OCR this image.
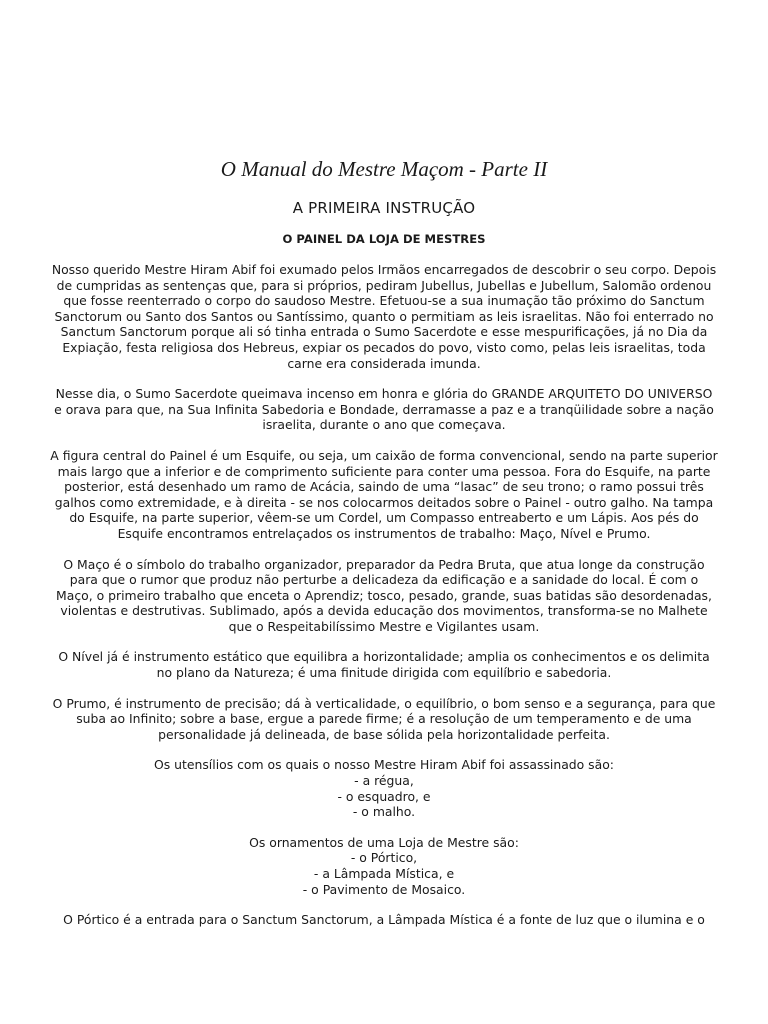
O Manual do Mestre Maçom - Parte II
A PRIMEIRA INSTRUÇÃO
O PAINEL DA LOJA DE MESTRES

Nosso querido Mestre Hiram Abif foi exumado pelos Irmãos encarregados de descobrir o seu corpo. Depois de cumpridas as sentenças que, para si próprios, pediram Jubellus, Jubellas e Jubellum, Salomão ordenou que fosse reenterrado o corpo do saudoso Mestre. Efetuou-se a sua inumação tão próximo do Sanctum Sanctorum ou Santo dos Santos ou Santíssimo, quanto o permitiam as leis israelitas. Não foi enterrado no Sanctum Sanctorum porque ali só tinha entrada o Sumo Sacerdote e esse mespurificações, já no Dia da Expiação, festa religiosa dos Hebreus, expiar os pecados do povo, visto como, pelas leis israelitas, toda carne era considerada imunda.

Nesse dia, o Sumo Sacerdote queimava incenso em honra e glória do GRANDE ARQUITETO DO UNIVERSO e orava para que, na Sua Infinita Sabedoria e Bondade, derramasse a paz e a tranqüilidade sobre a nação israelita, durante o ano que começava.

A figura central do Painel é um Esquife, ou seja, um caixão de forma convencional, sendo na parte superior mais largo que a inferior e de comprimento suficiente para conter uma pessoa. Fora do Esquife, na parte posterior, está desenhado um ramo de Acácia, saindo de uma “lasac” de seu trono; o ramo possui três galhos como extremidade, e à direita - se nos colocarmos deitados sobre o Painel - outro galho. Na tampa do Esquife, na parte superior, vêem-se um Cordel, um Compasso entreaberto e um Lápis. Aos pés do Esquife encontramos entrelaçados os instrumentos de trabalho: Maço, Nível e Prumo.

O Maço é o símbolo do trabalho organizador, preparador da Pedra Bruta, que atua longe da construção para que o rumor que produz não perturbe a delicadeza da edificação e a sanidade do local. É com o Maço, o primeiro trabalho que enceta o Aprendiz; tosco, pesado, grande, suas batidas são desordenadas, violentas e destrutivas. Sublimado, após a devida educação dos movimentos, transforma-se no Malhete que o Respeitabilíssimo Mestre e Vigilantes usam.

O Nível já é instrumento estático que equilibra a horizontalidade; amplia os conhecimentos e os delimita no plano da Natureza; é uma finitude dirigida com equilíbrio e sabedoria.

O Prumo, é instrumento de precisão; dá à verticalidade, o equilíbrio, o bom senso e a segurança, para que suba ao Infinito; sobre a base, ergue a parede firme; é a resolução de um temperamento e de uma personalidade já delineada, de base sólida pela horizontalidade perfeita.

Os utensílios com os quais o nosso Mestre Hiram Abif foi assassinado são:
- a régua,
- o esquadro, e
- o malho.
Os ornamentos de uma Loja de Mestre são:
- o Pórtico,
- a Lâmpada Mística, e
- o Pavimento de Mosaico.

O Pórtico é a entrada para o Sanctum Sanctorum, a Lâmpada Mística é a fonte de luz que o ilumina e o
